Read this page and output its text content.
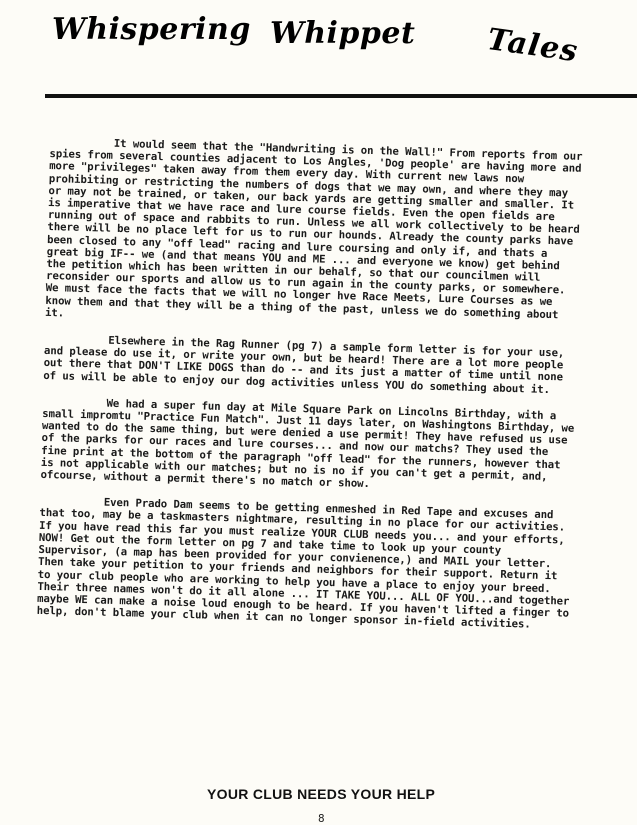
Whispering Whippet Tales

It would seem that the "Handwriting is on the Wall!" From reports from our spies from several counties adjacent to Los Angles, 'Dog people' are having more and more "privileges" taken away from them every day. With current new laws now prohibiting or restricting the numbers of dogs that we may own, and where they may or may not be trained, or taken, our back yards are getting smaller and smaller. It is imperative that we have race and lure course fields. Even the open fields are running out of space and rabbits to run. Unless we all work collectively to be heard there will be no place left for us to run our hounds. Already the county parks have been closed to any "off lead" racing and lure coursing and only if, and thats a great big IF-- we (and that means YOU and ME ... and everyone we know) get behind the petition which has been written in our behalf, so that our councilmen will reconsider our sports and allow us to run again in the county parks, or somewhere. We must face the facts that we will no longer hve Race Meets, Lure Courses as we know them and that they will be a thing of the past, unless we do something about it.

Elsewhere in the Rag Runner (pg 7) a sample form letter is for your use, and please do use it, or write your own, but be heard! There are a lot more people out there that DON'T LIKE DOGS than do -- and its just a matter of time until none of us will be able to enjoy our dog activities unless YOU do something about it.

We had a super fun day at Mile Square Park on Lincolns Birthday, with a small impromtu "Practice Fun Match". Just 11 days later, on Washingtons Birthday, we wanted to do the same thing, but were denied a use permit! They have refused us use of the parks for our races and lure courses... and now our matchs? They used the fine print at the bottom of the paragraph "off lead" for the runners, however that is not applicable with our matches; but no is no if you can't get a permit, and, ofcourse, without a permit there's no match or show.

Even Prado Dam seems to be getting enmeshed in Red Tape and excuses and that too, may be a taskmasters nightmare, resulting in no place for our activities. If you have read this far you must realize YOUR CLUB needs you... and your efforts, NOW! Get out the form letter on pg 7 and take time to look up your county Supervisor, (a map has been provided for your convienence,) and MAIL your letter. Then take your petition to your friends and neighbors for their support. Return it to your club people who are working to help you have a place to enjoy your breed. Their three names won't do it all alone ... IT TAKE YOU... ALL OF YOU...and together maybe WE can make a noise loud enough to be heard. If you haven't lifted a finger to help, don't blame your club when it can no longer sponsor in-field activities.

YOUR CLUB NEEDS YOUR HELP
8
